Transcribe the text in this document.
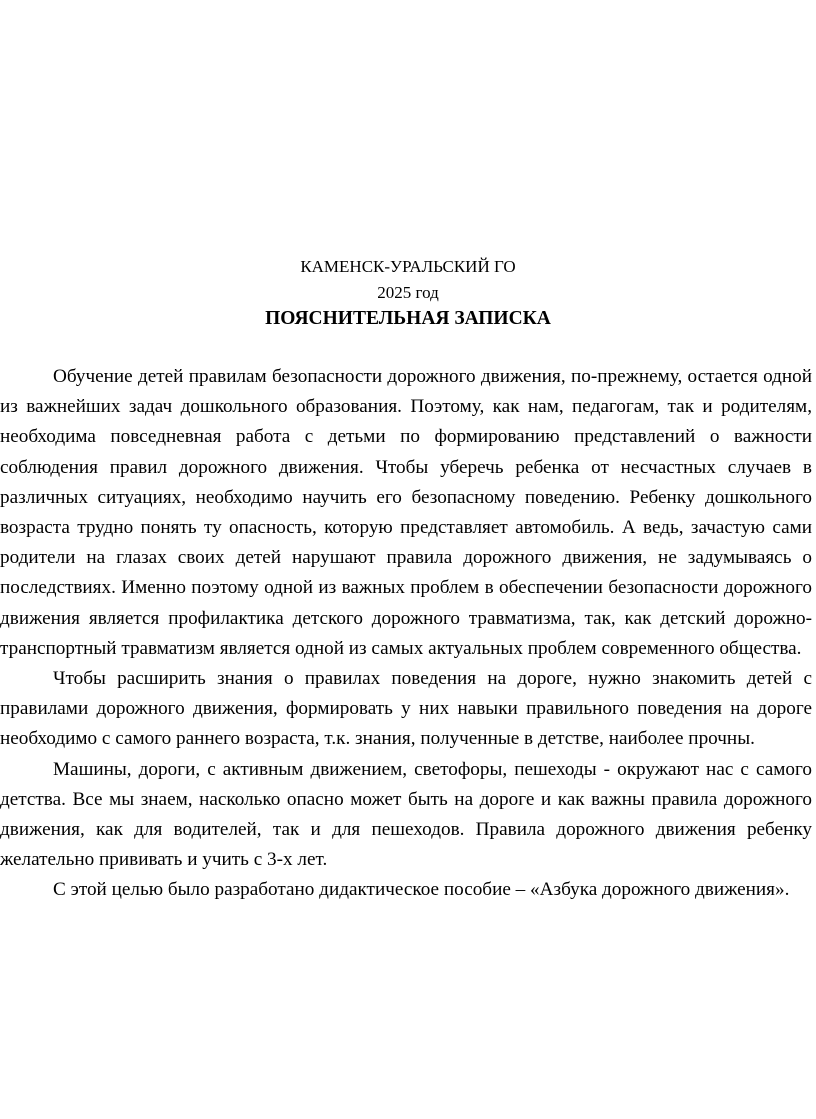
КАМЕНСК-УРАЛЬСКИЙ ГО
2025 год
ПОЯСНИТЕЛЬНАЯ ЗАПИСКА

Обучение детей правилам безопасности дорожного движения, по-прежнему, остается одной из важнейших задач дошкольного образования. Поэтому, как нам, педагогам, так и родителям, необходима повседневная работа с детьми по формированию представлений о важности соблюдения правил дорожного движения. Чтобы уберечь ребенка от несчастных случаев в различных ситуациях, необходимо научить его безопасному поведению. Ребенку дошкольного возраста трудно понять ту опасность, которую представляет автомобиль. А ведь, зачастую сами родители на глазах своих детей нарушают правила дорожного движения, не задумываясь о последствиях. Именно поэтому одной из важных проблем в обеспечении безопасности дорожного движения является профилактика детского дорожного травматизма, так, как детский дорожно-транспортный травматизм является одной из самых актуальных проблем современного общества.

Чтобы расширить знания о правилах поведения на дороге, нужно знакомить детей с правилами дорожного движения, формировать у них навыки правильного поведения на дороге необходимо с самого раннего возраста, т.к. знания, полученные в детстве, наиболее прочны.

Машины, дороги, с активным движением, светофоры, пешеходы - окружают нас с самого детства. Все мы знаем, насколько опасно может быть на дороге и как важны правила дорожного движения, как для водителей, так и для пешеходов. Правила дорожного движения ребенку желательно прививать и учить с 3-х лет.

С этой целью было разработано дидактическое пособие – «Азбука дорожного движения».
